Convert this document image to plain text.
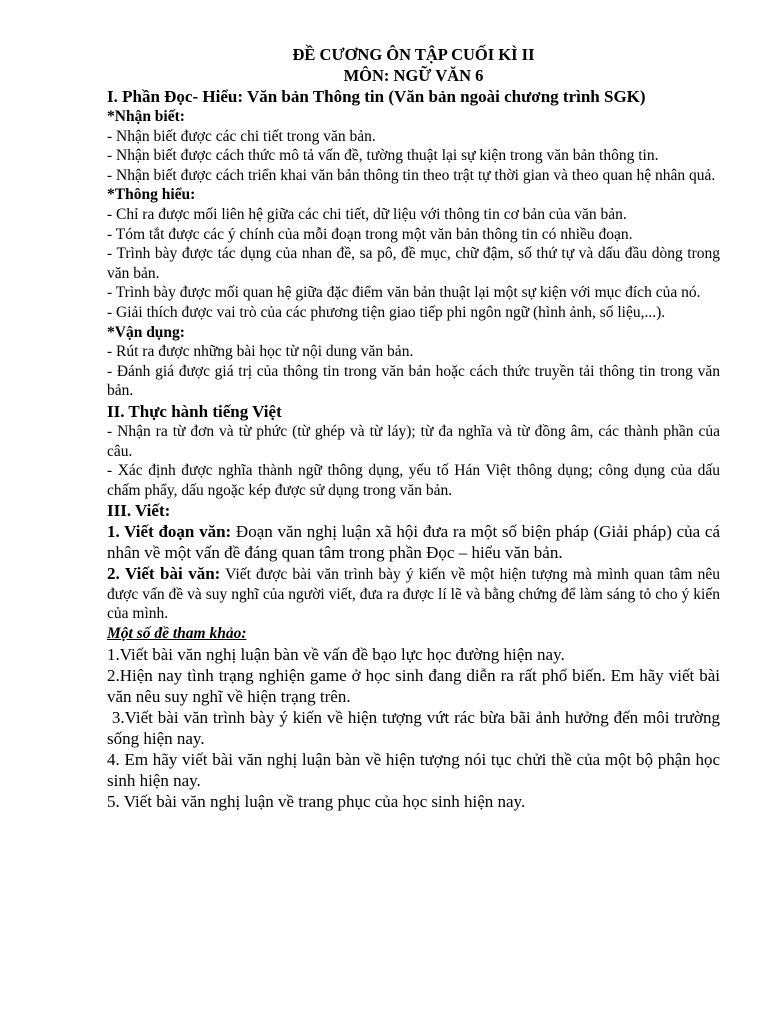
ĐỀ CƯƠNG ÔN TẬP CUỐI KÌ II

MÔN: NGỮ VĂN 6

I. Phần Đọc- Hiểu: Văn bản Thông tin (Văn bản ngoài chương trình SGK)

*Nhận biết:

- Nhận biết được các chi tiết trong văn bản.

- Nhận biết được cách thức mô tả vấn đề, tường thuật lại sự kiện trong văn bản thông tin.

- Nhận biết được cách triển khai văn bản thông tin theo trật tự thời gian và theo quan hệ nhân quả.

*Thông hiểu:

- Chỉ ra được mối liên hệ giữa các chi tiết, dữ liệu với thông tin cơ bản của văn bản.

- Tóm tắt được các ý chính của mỗi đoạn trong một văn bản thông tin có nhiều đoạn.

- Trình bày được tác dụng của nhan đề, sa pô, đề mục, chữ đậm, số thứ tự và dấu đầu dòng trong văn bản.

- Trình bày được mối quan hệ giữa đặc điểm văn bản thuật lại một sự kiện với mục đích của nó.

- Giải thích được vai trò của các phương tiện giao tiếp phi ngôn ngữ (hình ảnh, số liệu,...).

*Vận dụng:

- Rút ra được những bài học từ nội dung văn bản.

- Đánh giá được giá trị của thông tin trong văn bản hoặc cách thức truyền tải thông tin trong văn bản.

II. Thực hành tiếng Việt

- Nhận ra từ đơn và từ phức (từ ghép và từ láy); từ đa nghĩa và từ đồng âm, các thành phần của câu.

- Xác định được nghĩa thành ngữ thông dụng, yếu tố Hán Việt thông dụng; công dụng của dấu chấm phẩy, dấu ngoặc kép được sử dụng trong văn bản.

III. Viết:

1. Viết đoạn văn: Đoạn văn nghị luận xã hội đưa ra một số biện pháp (Giải pháp) của cá nhân về một vấn đề đáng quan tâm trong phần Đọc – hiểu văn bản.

2. Viết bài văn: Viết được bài văn trình bày ý kiến về một hiện tượng mà mình quan tâm nêu được vấn đề và suy nghĩ của người viết, đưa ra được lí lẽ và bằng chứng để làm sáng tỏ cho ý kiến của mình.

Một số đề tham khảo:

1.Viết bài văn nghị luận bàn về vấn đề bạo lực học đường hiện nay.

2.Hiện nay tình trạng nghiện game ở học sinh đang diễn ra rất phổ biến. Em hãy viết bài văn nêu suy nghĩ về hiện trạng trên.

3.Viết bài văn trình bày ý kiến về hiện tượng vứt rác bừa bãi ảnh hưởng đến môi trường sống hiện nay.

4. Em hãy viết bài văn nghị luận bàn về hiện tượng nói tục chửi thề của một bộ phận học sinh hiện nay.

5. Viết bài văn nghị luận về trang phục của học sinh hiện nay.
